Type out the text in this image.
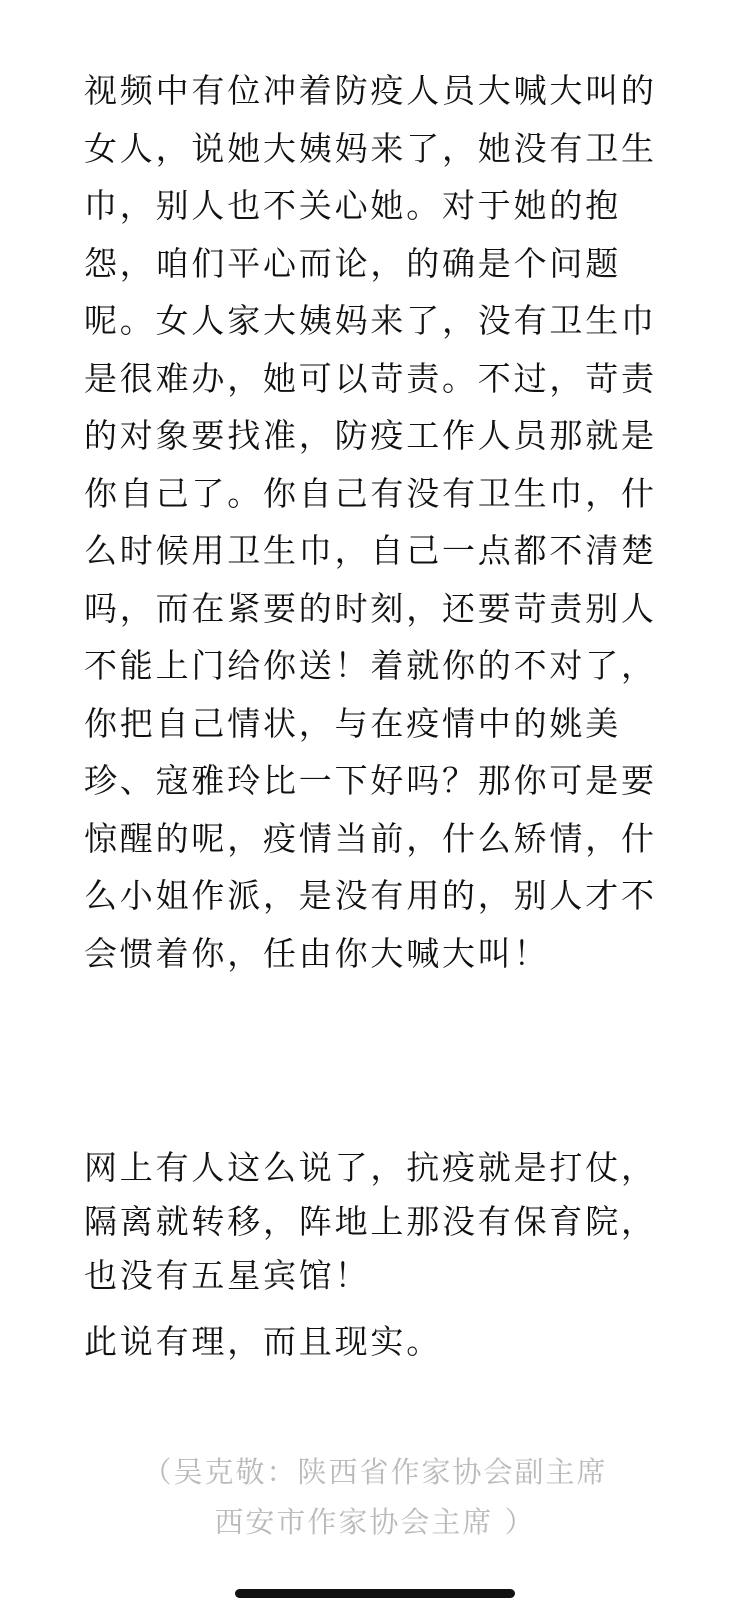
视频中有位冲着防疫人员大喊大叫的
女人，说她大姨妈来了，她没有卫生
巾，别人也不关心她。对于她的抱
怨，咱们平心而论，的确是个问题
呢。女人家大姨妈来了，没有卫生巾
是很难办，她可以苛责。不过，苛责
的对象要找准，防疫工作人员那就是
你自己了。你自己有没有卫生巾，什
么时候用卫生巾，自己一点都不清楚
吗，而在紧要的时刻，还要苛责别人
不能上门给你送！着就你的不对了，
你把自己情状，与在疫情中的姚美
珍、寇雅玲比一下好吗？那你可是要
惊醒的呢，疫情当前，什么矫情，什
么小姐作派，是没有用的，别人才不
会惯着你，任由你大喊大叫！
网上有人这么说了，抗疫就是打仗，
隔离就转移，阵地上那没有保育院，
也没有五星宾馆！
此说有理，而且现实。
（吴克敬：陕西省作家协会副主席
西安市作家协会主席 ）
